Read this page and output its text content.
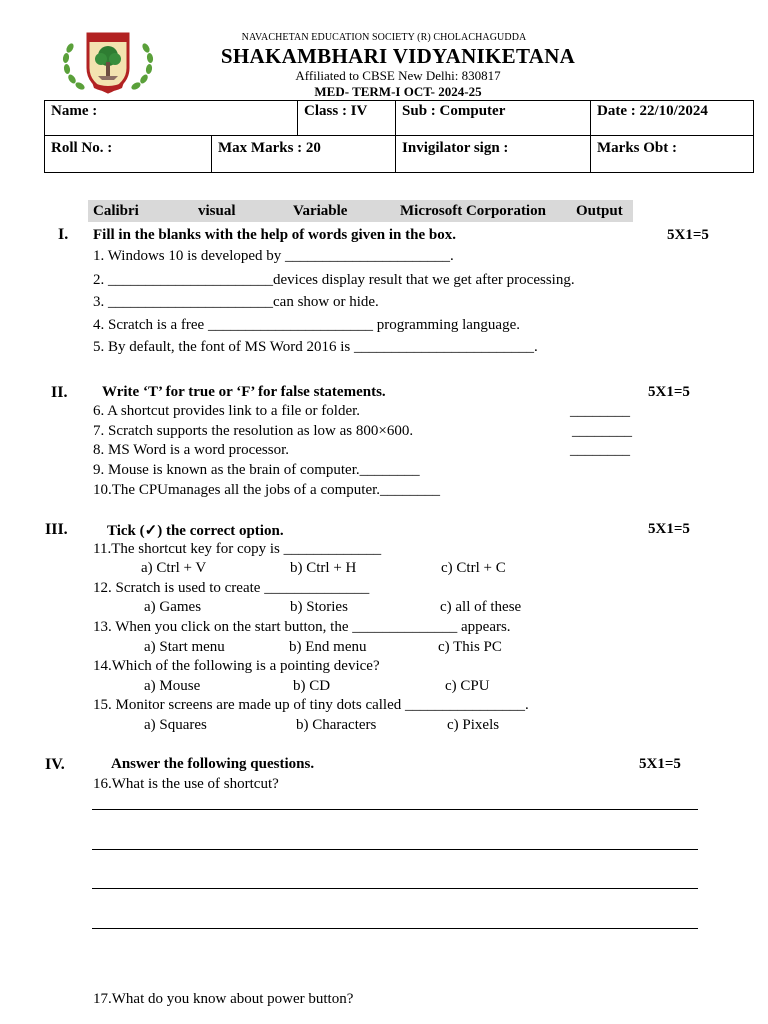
NAVACHETAN EDUCATION SOCIETY (R) CHOLACHAGUDDA
SHAKAMBHARI VIDYANIKETANA
Affiliated to CBSE New Delhi: 830817
MED- TERM-I OCT- 2024-25
Name :		Class : IV	Sub : Computer	Date : 22/10/2024
Roll No. :	Max Marks : 20		Invigilator sign :	Marks Obt :
Calibri	visual	Variable	Microsoft Corporation Output
I. Fill in the blanks with the help of words given in the box.	5X1=5
1. Windows 10 is developed by ______________________.
2. ______________________devices display result that we get after processing.
3. ______________________can show or hide.
4. Scratch is a free ______________________ programming language.
5. By default, the font of MS Word 2016 is ________________________.
II. Write ‘T’ for true or ‘F’ for false statements.	5X1=5
6. A shortcut provides link to a file or folder.	________
7. Scratch supports the resolution as low as 800×600.	________
8. MS Word is a word processor.	________
9. Mouse is known as the brain of computer.________
10.The CPUmanages all the jobs of a computer.________
III.	Tick (✓) the correct option.	5X1=5
11.The shortcut key for copy is _____________
a) Ctrl + V	b) Ctrl + H	c) Ctrl + C
12. Scratch is used to create ______________
a) Games	b) Stories	c) all of these
13. When you click on the start button, the ______________ appears.
a) Start menu	b) End menu	c) This PC
14.Which of the following is a pointing device?
a) Mouse	b) CD	c) CPU
15. Monitor screens are made up of tiny dots called ________________.
a) Squares	b) Characters	c) Pixels
IV.	Answer the following questions.	5X1=5
16.What is the use of shortcut?
17.What do you know about power button?
